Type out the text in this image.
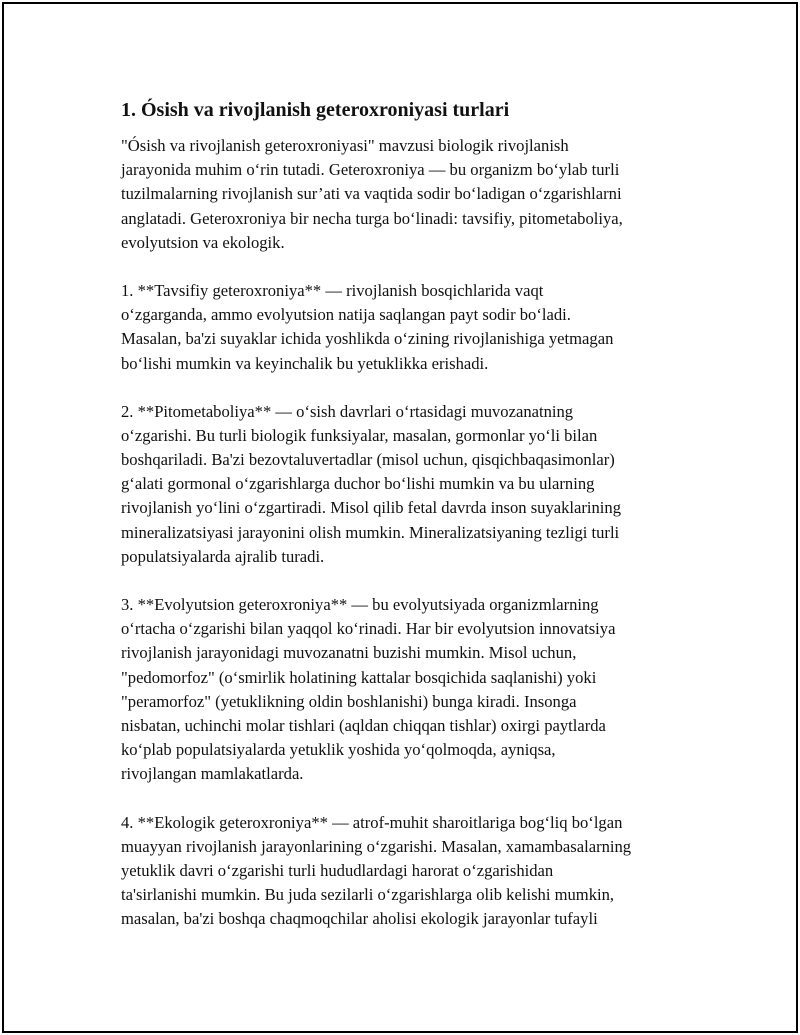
1. Ósish va rivojlanish geteroxroniyasi turlari
"Ósish va rivojlanish geteroxroniyasi" mavzusi biologik rivojlanish
jarayonida muhim oʻrin tutadi. Geteroxroniya — bu organizm boʻylab turli
tuzilmalarning rivojlanish sur’ati va vaqtida sodir boʻladigan oʻzgarishlarni
anglatadi. Geteroxroniya bir necha turga boʻlinadi: tavsifiy, pitometaboliya,
evolyutsion va ekologik.
1. **Tavsifiy geteroxroniya** — rivojlanish bosqichlarida vaqt
oʻzgarganda, ammo evolyutsion natija saqlangan payt sodir boʻladi.
Masalan, ba'zi suyaklar ichida yoshlikda oʻzining rivojlanishiga yetmagan
boʻlishi mumkin va keyinchalik bu yetuklikka erishadi.
2. **Pitometaboliya** — oʻsish davrlari oʻrtasidagi muvozanatning
oʻzgarishi. Bu turli biologik funksiyalar, masalan, gormonlar yoʻli bilan
boshqariladi. Ba'zi bezovtaluvertadlar (misol uchun, qisqichbaqasimonlar)
gʻalati gormonal oʻzgarishlarga duchor boʻlishi mumkin va bu ularning
rivojlanish yoʻlini oʻzgartiradi. Misol qilib fetal davrda inson suyaklarining
mineralizatsiyasi jarayonini olish mumkin. Mineralizatsiyaning tezligi turli
populatsiyalarda ajralib turadi.
3. **Evolyutsion geteroxroniya** — bu evolyutsiyada organizmlarning
oʻrtacha oʻzgarishi bilan yaqqol koʻrinadi. Har bir evolyutsion innovatsiya
rivojlanish jarayonidagi muvozanatni buzishi mumkin. Misol uchun,
"pedomorfoz" (oʻsmirlik holatining kattalar bosqichida saqlanishi) yoki
"peramorfoz" (yetuklikning oldin boshlanishi) bunga kiradi. Insonga
nisbatan, uchinchi molar tishlari (aqldan chiqqan tishlar) oxirgi paytlarda
koʻplab populatsiyalarda yetuklik yoshida yoʻqolmoqda, ayniqsa,
rivojlangan mamlakatlarda.
4. **Ekologik geteroxroniya** — atrof-muhit sharoitlariga bogʻliq boʻlgan
muayyan rivojlanish jarayonlarining oʻzgarishi. Masalan, xamambasalarning
yetuklik davri oʻzgarishi turli hududlardagi harorat oʻzgarishidan
ta'sirlanishi mumkin. Bu juda sezilarli oʻzgarishlarga olib kelishi mumkin,
masalan, ba'zi boshqa chaqmoqchilar aholisi ekologik jarayonlar tufayli
